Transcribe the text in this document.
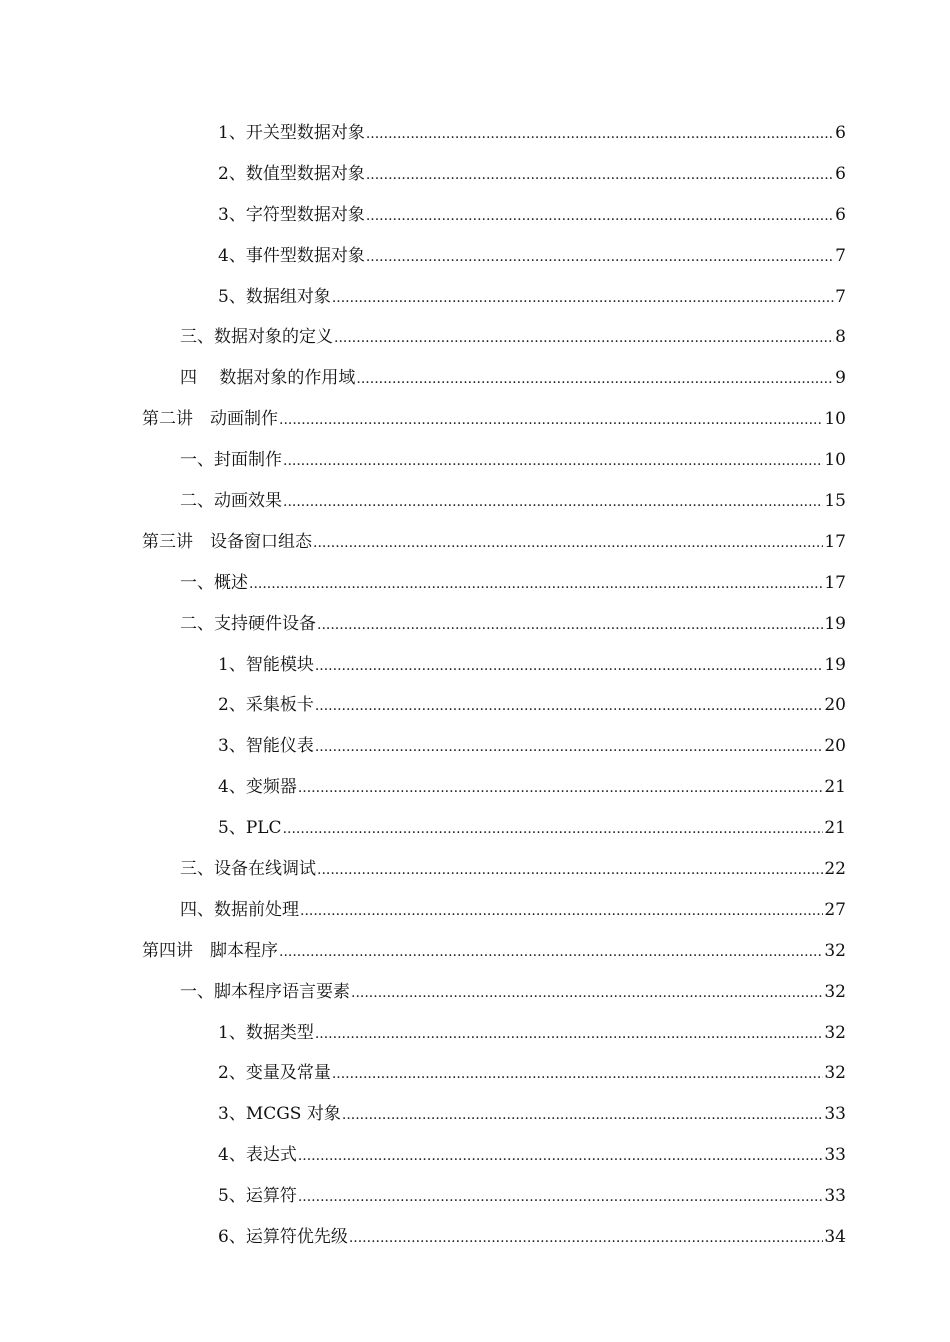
1、开关型数据对象 .....	6
2、数值型数据对象 .....	6
3、字符型数据对象 .....	6
4、事件型数据对象 .....	7
5、数据组对象 .....	7
三、数据对象的定义 .....	8
四　 数据对象的作用域 .....	9
第二讲　动画制作 .....	10
一、封面制作 .....	10
二、动画效果 .....	15
第三讲　设备窗口组态 .....	17
一、概述 .....	17
二、支持硬件设备 .....	19
1、智能模块 .....	19
2、采集板卡 .....	20
3、智能仪表 .....	20
4、变频器 .....	21
5、PLC .....	21
三、设备在线调试 .....	22
四、数据前处理 .....	27
第四讲　脚本程序 .....	32
一、脚本程序语言要素 .....	32
1、数据类型 .....	32
2、变量及常量 .....	32
3、MCGS 对象 .....	33
4、表达式 .....	33
5、运算符 .....	33
6、运算符优先级 .....	34
